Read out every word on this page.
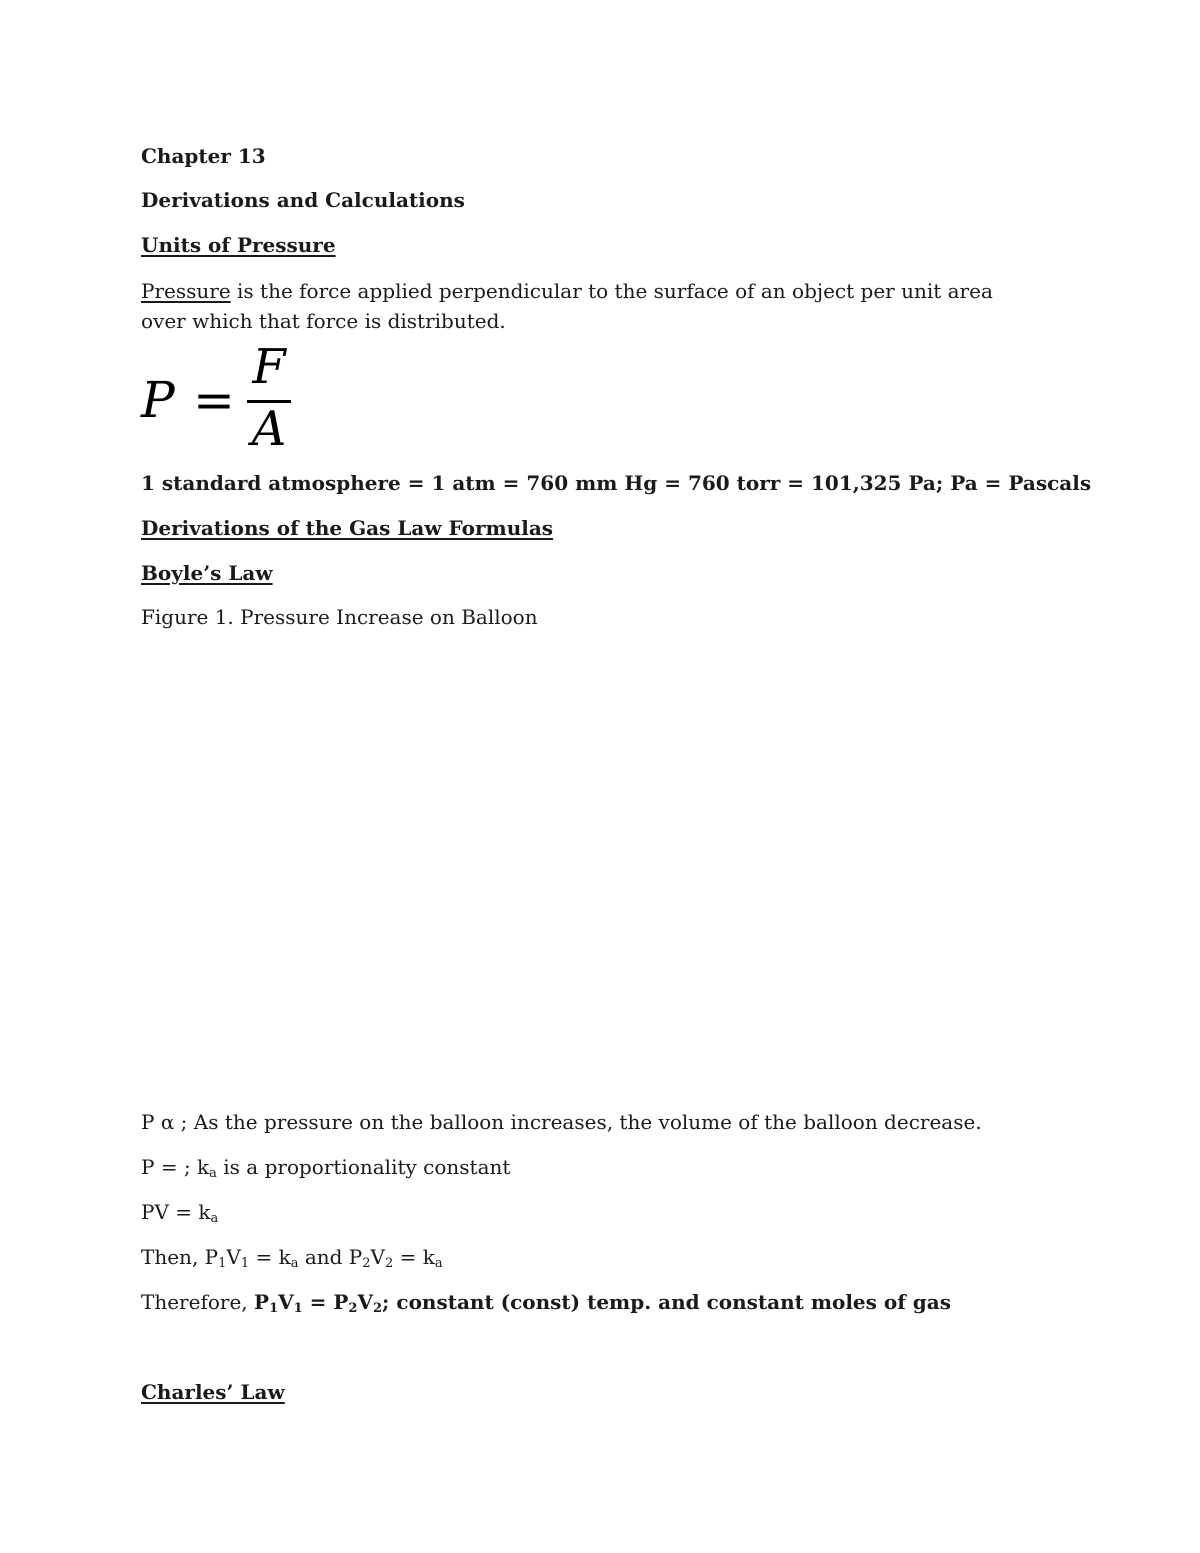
Chapter 13
Derivations and Calculations
Units of Pressure
Pressure is the force applied perpendicular to the surface of an object per unit area over which that force is distributed.
P =
F
A
1 standard atmosphere = 1 atm = 760 mm Hg = 760 torr = 101,325 Pa; Pa = Pascals
Derivations of the Gas Law Formulas
Boyle’s Law
Figure 1. Pressure Increase on Balloon
P α ; As the pressure on the balloon increases, the volume of the balloon decrease.
P = ; $k_a$ is a proportionality constant
PV = $k_a$
Then, $P_1V_1 = k_a$ and $P_2V_2 = k_a$
Therefore, $P_1V_1 = P_2V_2$; constant (const) temp. and constant moles of gas
Charles’ Law
